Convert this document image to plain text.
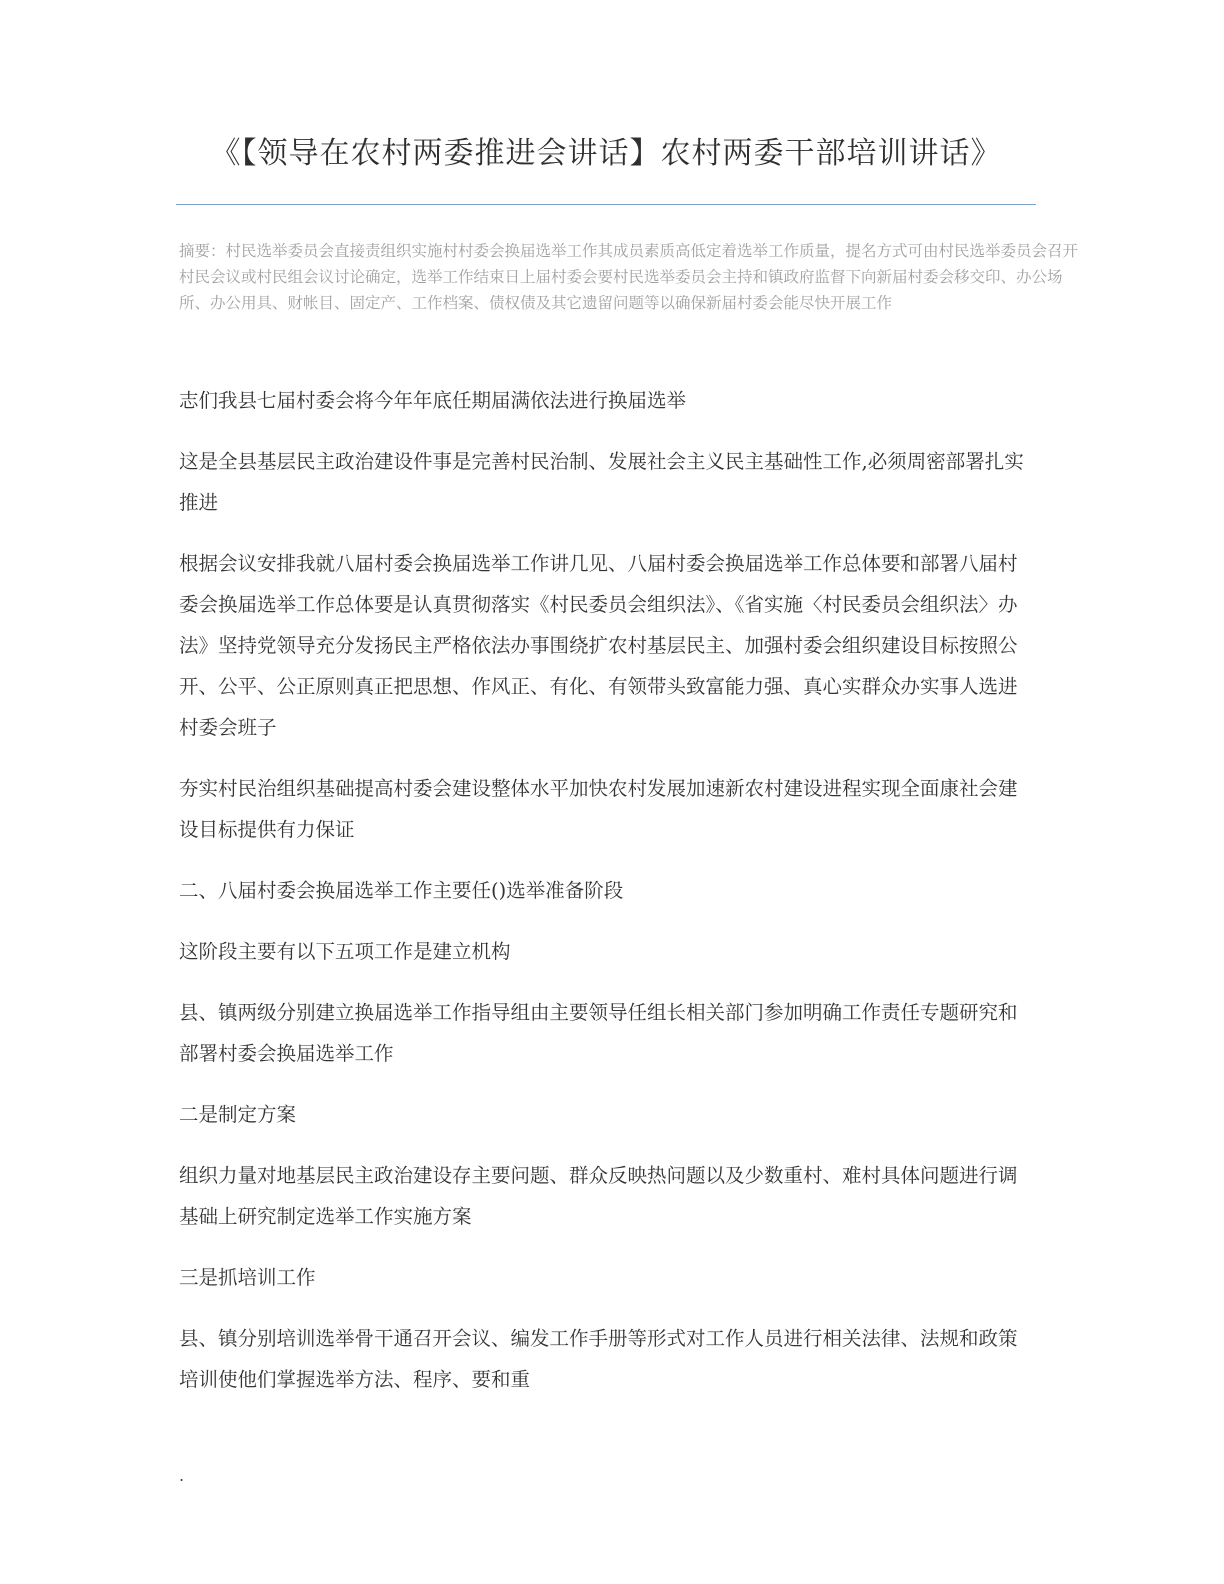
《【领导在农村两委推进会讲话】农村两委干部培训讲话》

摘要：村民选举委员会直接责组织实施村村委会换届选举工作其成员素质高低定着选举工作质量，提名方式可由村民选举委员会召开村民会议或村民组会议讨论确定，选举工作结束日上届村委会要村民选举委员会主持和镇政府监督下向新届村委会移交印、办公场所、办公用具、财帐目、固定产、工作档案、债权债及其它遗留问题等以确保新届村委会能尽快开展工作

志们我县七届村委会将今年年底任期届满依法进行换届选举

这是全县基层民主政治建设件事是完善村民治制、发展社会主义民主基础性工作,必须周密部署扎实推进

根据会议安排我就八届村委会换届选举工作讲几见、八届村委会换届选举工作总体要和部署八届村委会换届选举工作总体要是认真贯彻落实《村民委员会组织法》、《省实施〈村民委员会组织法〉办法》坚持党领导充分发扬民主严格依法办事围绕扩农村基层民主、加强村委会组织建设目标按照公开、公平、公正原则真正把思想、作风正、有化、有领带头致富能力强、真心实群众办实事人选进村委会班子

夯实村民治组织基础提高村委会建设整体水平加快农村发展加速新农村建设进程实现全面康社会建设目标提供有力保证

二、八届村委会换届选举工作主要任()选举准备阶段

这阶段主要有以下五项工作是建立机构

县、镇两级分别建立换届选举工作指导组由主要领导任组长相关部门参加明确工作责任专题研究和部署村委会换届选举工作

二是制定方案

组织力量对地基层民主政治建设存主要问题、群众反映热问题以及少数重村、难村具体问题进行调基础上研究制定选举工作实施方案

三是抓培训工作

县、镇分别培训选举骨干通召开会议、编发工作手册等形式对工作人员进行相关法律、法规和政策培训使他们掌握选举方法、程序、要和重

.
